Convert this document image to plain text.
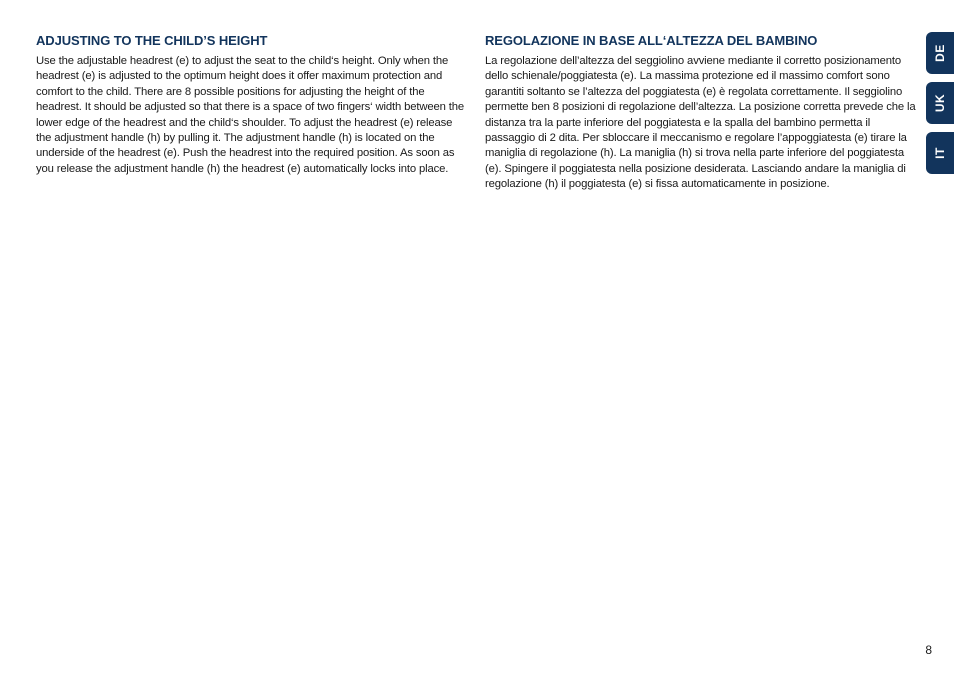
ADJUSTING TO THE CHILD’S HEIGHT

Use the adjustable headrest (e) to adjust the seat to the child‘s height. Only when the headrest (e) is adjusted to the optimum height does it offer maximum protection and comfort to the child. There are 8 possible positions for adjusting the height of the headrest. It should be adjusted so that there is a space of two fingers‘ width between the lower edge of the headrest and the child‘s shoulder. To adjust the headrest (e) release the adjustment handle (h) by pulling it. The adjustment handle (h) is located on the underside of the headrest (e). Push the headrest into the required position. As soon as you release the adjustment handle (h) the headrest (e) automatically locks into place.

REGOLAZIONE IN BASE ALL‘ALTEZZA DEL BAMBINO

La regolazione dell’altezza del seggiolino avviene mediante il corretto posizionamento dello schienale/poggiatesta (e). La massima protezione ed il massimo comfort sono garantiti soltanto se l’altezza del poggiatesta (e) è regolata correttamente. Il seggiolino permette ben 8 posizioni di regolazione dell’altezza. La posizione corretta prevede che la distanza tra la parte inferiore del poggiatesta e la spalla del bambino permetta il passaggio di 2 dita. Per sbloccare il meccanismo e regolare l’appoggiatesta (e) tirare la maniglia di regolazione (h). La maniglia (h) si trova nella parte inferiore del poggiatesta (e). Spingere il poggiatesta nella posizione desiderata. Lasciando andare la maniglia di regolazione (h) il poggiatesta (e) si fissa automaticamente in posizione.

DE
UK
IT
8
